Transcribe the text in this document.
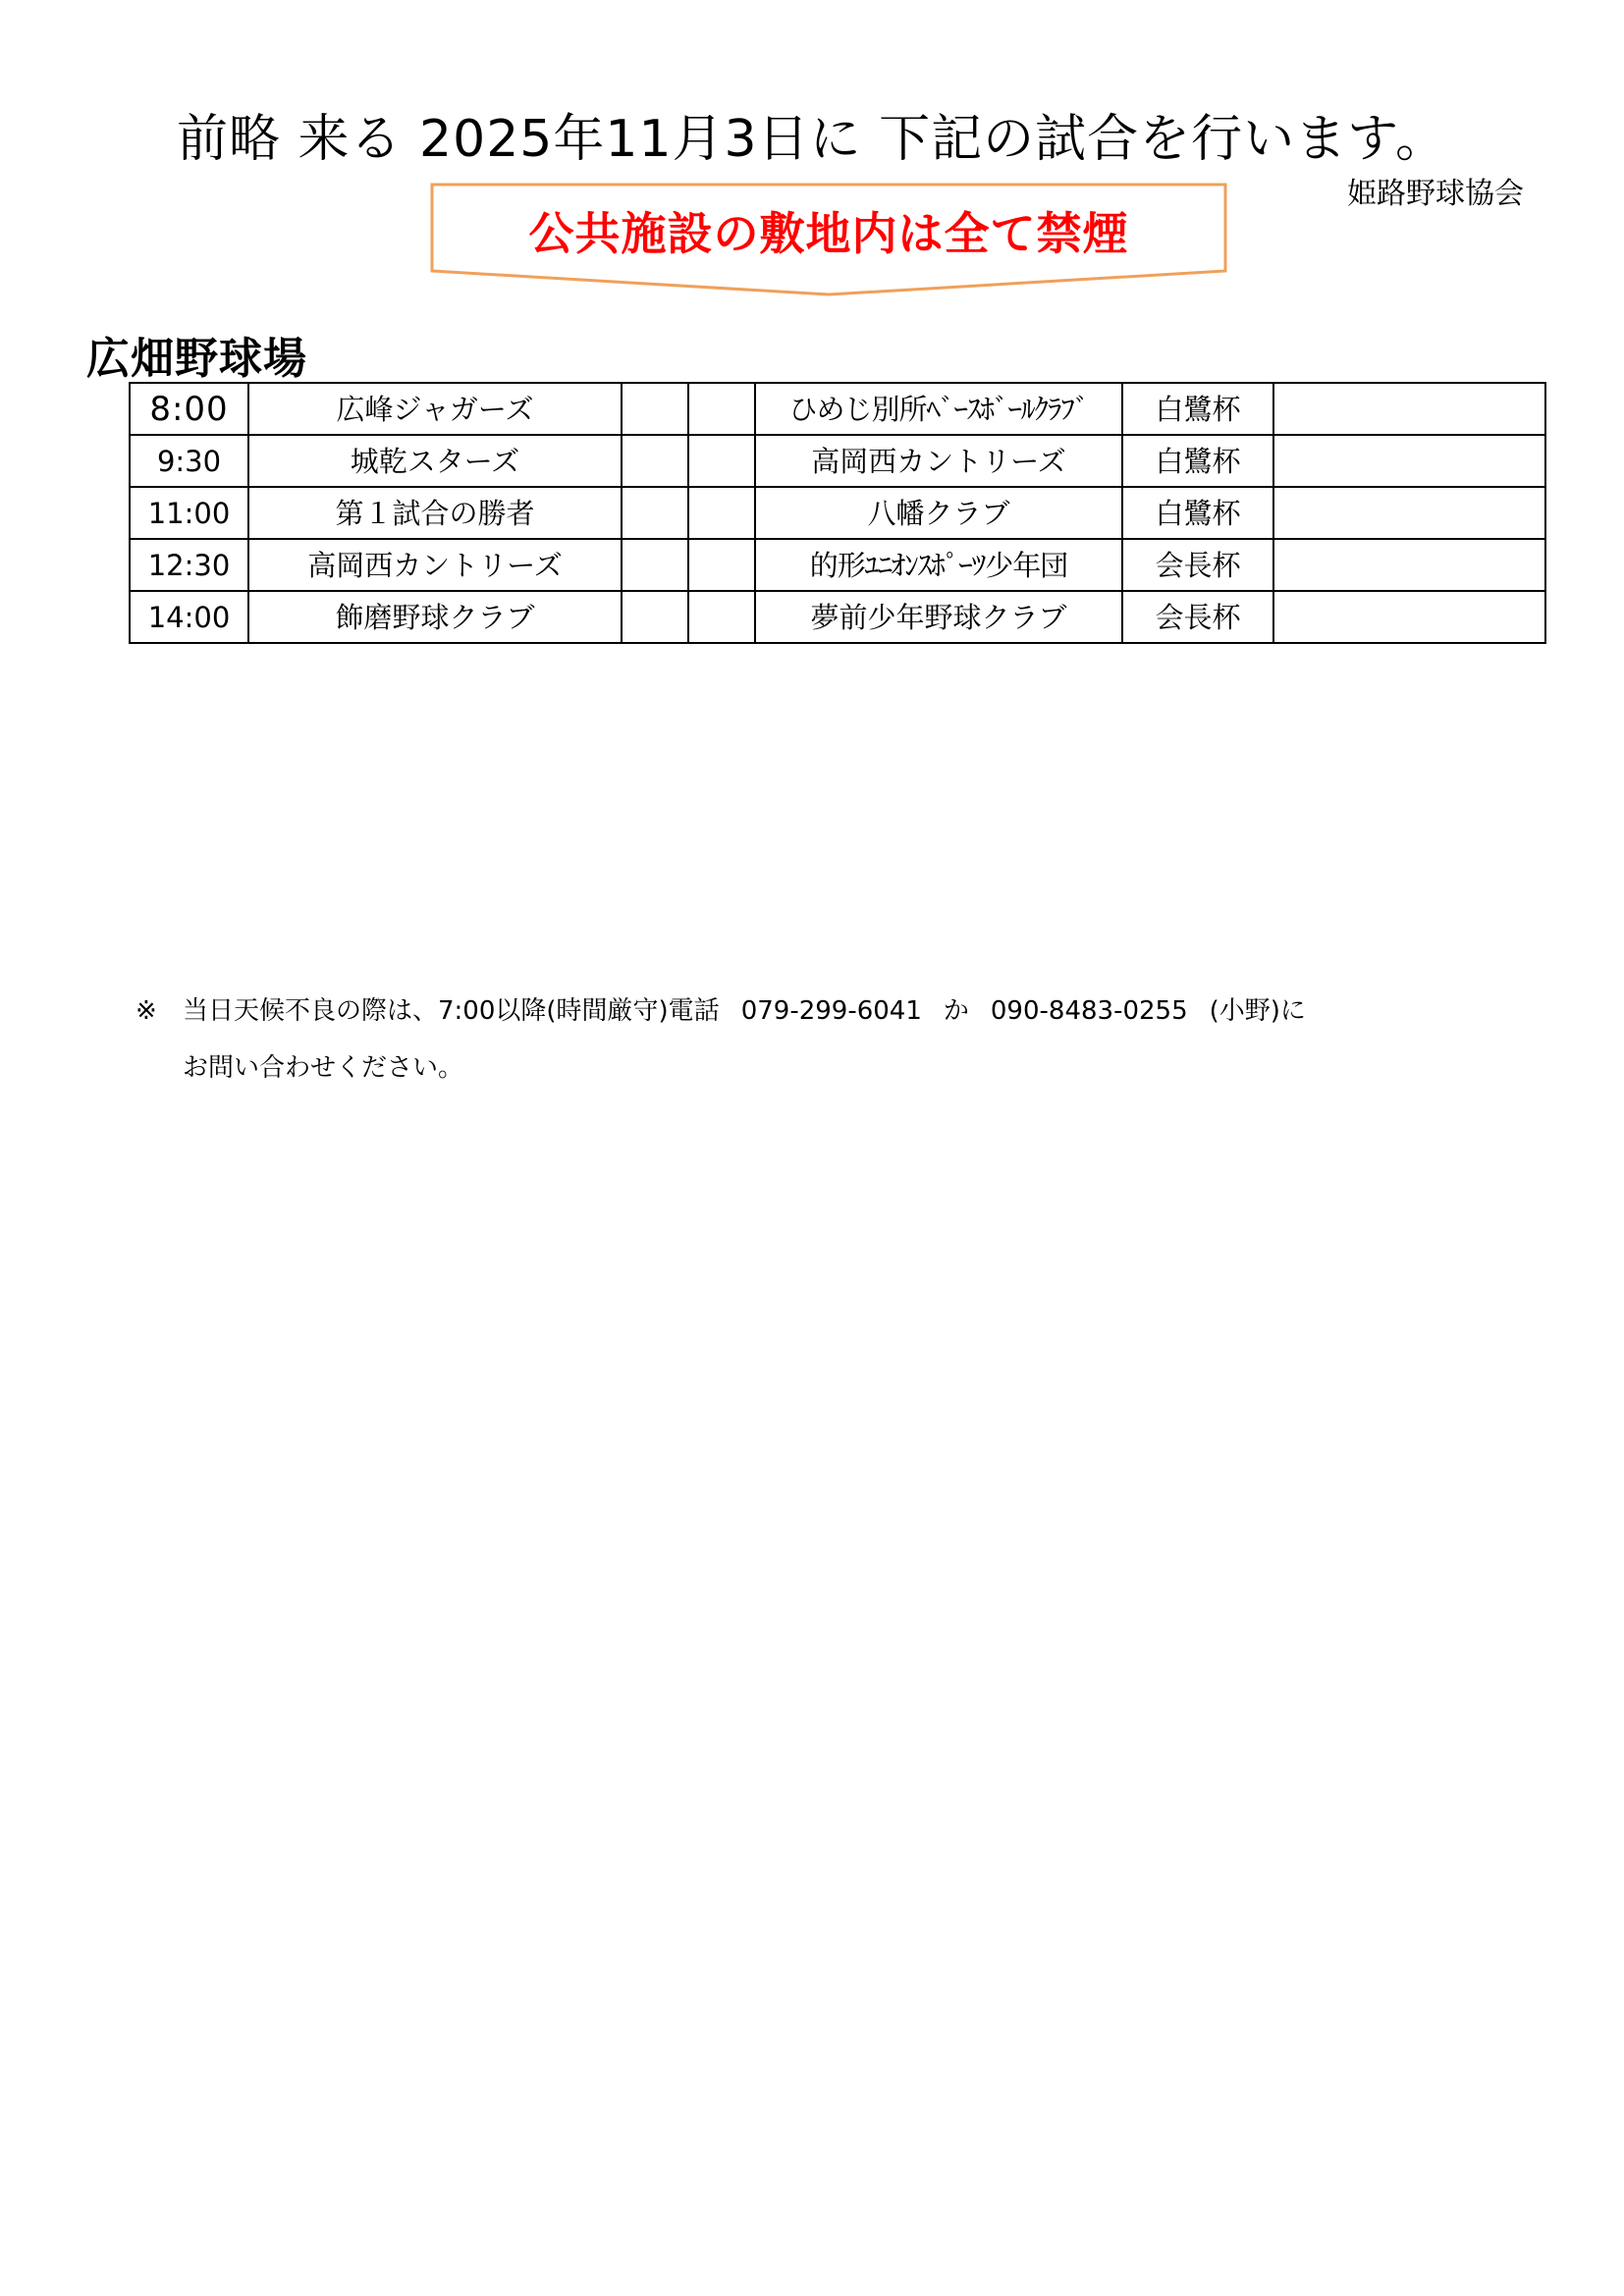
前略 来る 2025年11月3日に 下記の試合を行います。
姫路野球協会
公共施設の敷地内は全て禁煙
広畑野球場
8:00	広峰ジャガーズ			ひめじ別所ﾍﾞｰｽﾎﾞｰﾙｸﾗﾌﾞ	白鷺杯	
9:30	城乾スターズ			高岡西カントリーズ	白鷺杯	
11:00	第１試合の勝者			八幡クラブ	白鷺杯	
12:30	高岡西カントリーズ			的形ﾕﾆｵﾝｽﾎﾟｰﾂ少年団	会長杯	
14:00	飾磨野球クラブ			夢前少年野球クラブ	会長杯	
※ 当日天候不良の際は、7:00以降(時間厳守)電話 079-299-6041 か 090-8483-0255 (小野)に
お問い合わせください。
